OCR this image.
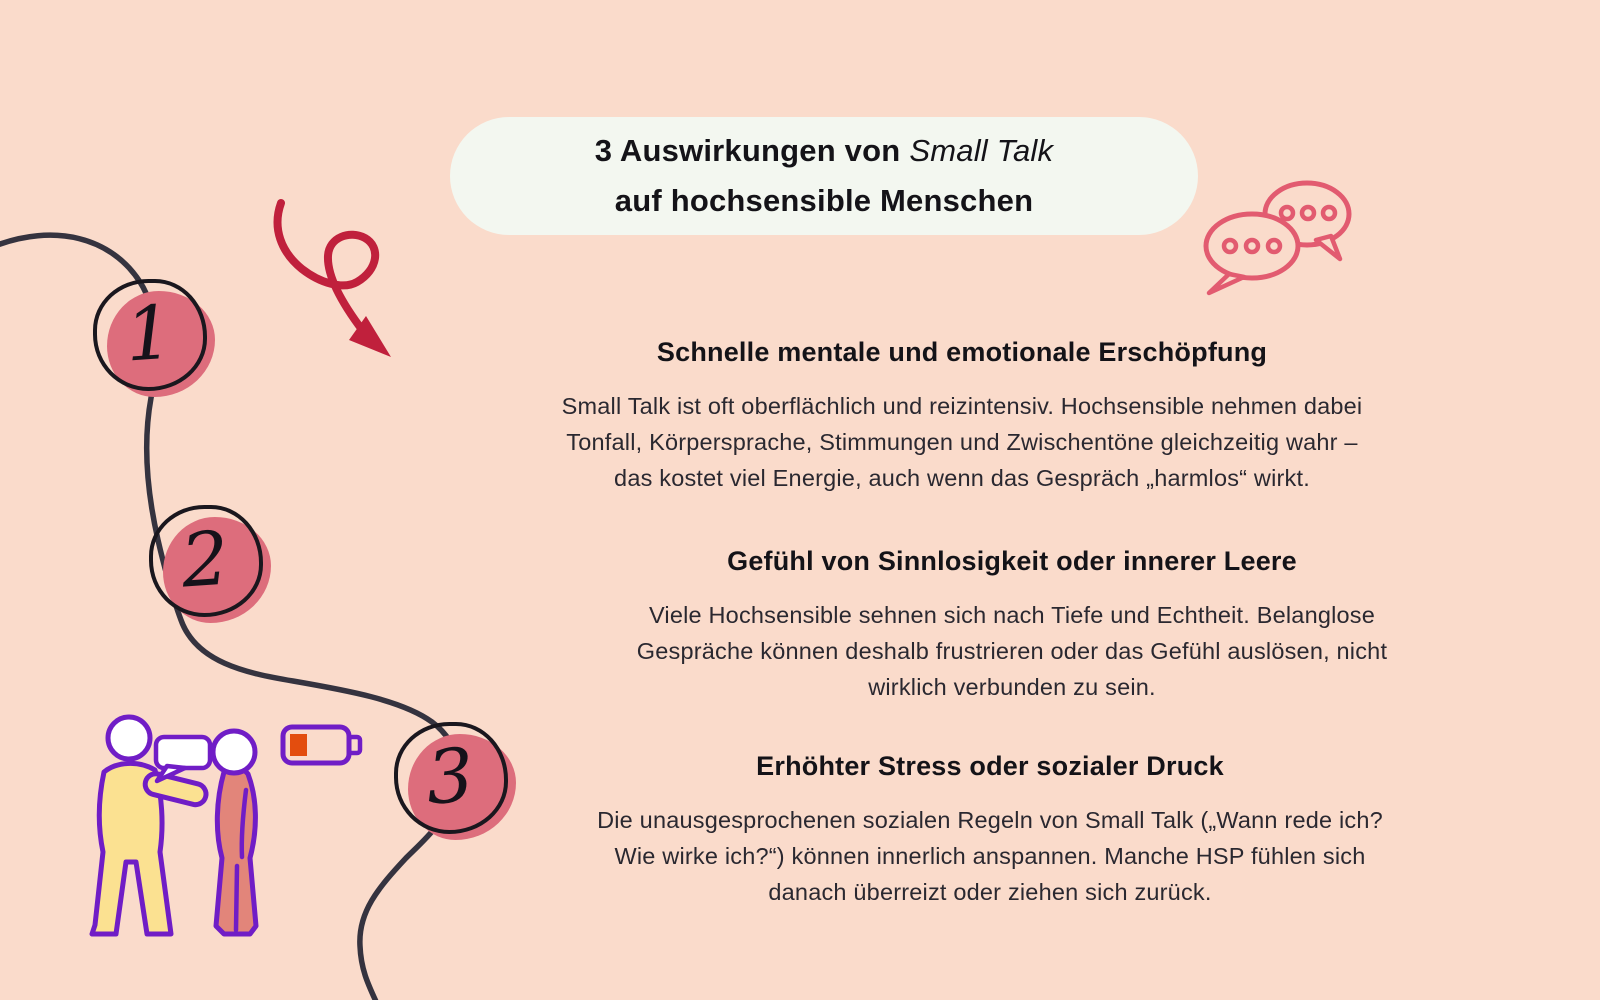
3 Auswirkungen von Small Talk
auf hochsensible Menschen
1
2
3
Schnelle mentale und emotionale Erschöpfung
Small Talk ist oft oberflächlich und reizintensiv. Hochsensible nehmen dabei
Tonfall, Körpersprache, Stimmungen und Zwischentöne gleichzeitig wahr –
das kostet viel Energie, auch wenn das Gespräch „harmlos“ wirkt.
Gefühl von Sinnlosigkeit oder innerer Leere
Viele Hochsensible sehnen sich nach Tiefe und Echtheit. Belanglose
Gespräche können deshalb frustrieren oder das Gefühl auslösen, nicht
wirklich verbunden zu sein.
Erhöhter Stress oder sozialer Druck
Die unausgesprochenen sozialen Regeln von Small Talk („Wann rede ich?
Wie wirke ich?“) können innerlich anspannen. Manche HSP fühlen sich
danach überreizt oder ziehen sich zurück.
